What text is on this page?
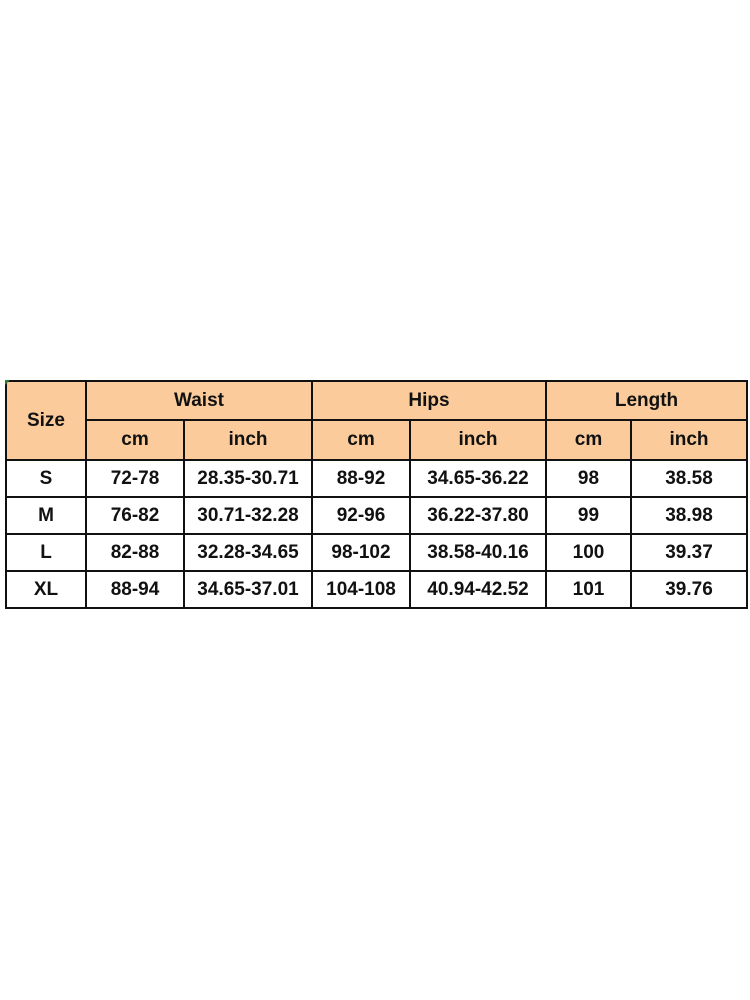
Size	Waist		Hips		Length	
	cm	inch	cm	inch	cm	inch
S	72-78	28.35-30.71	88-92	34.65-36.22	98	38.58
M	76-82	30.71-32.28	92-96	36.22-37.80	99	38.98
L	82-88	32.28-34.65	98-102	38.58-40.16	100	39.37
XL	88-94	34.65-37.01	104-108	40.94-42.52	101	39.76
